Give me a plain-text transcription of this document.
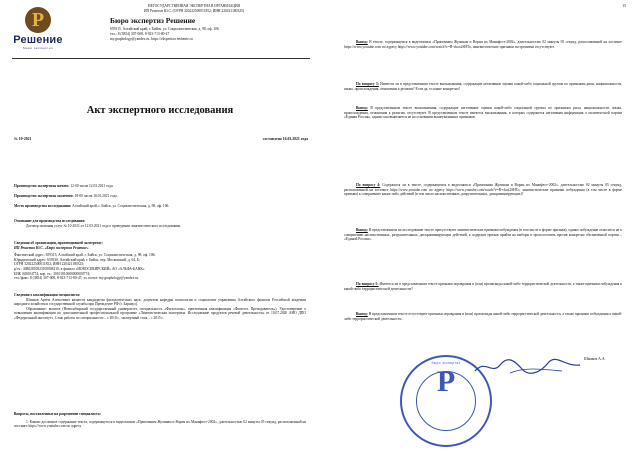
Р
Решение
бюро экспертиз
НЕГОСУДАРСТВЕННАЯ ЭКСПЕРТНАЯ ОРГАНИЗАЦИЯ
ИП Решетов Ю.С. (ОГРН 320222500011852; ИНН 220421180325)
Бюро экспертиз Решение
659315, Алтайский край, г. Бийск, ул. Социалистическая, д. 98, оф. 106
тел.: 8 (3854) 307-008, 8-923-713-80-47
my.graphology@yandex.ru, https://ekspertiza-reshenie.ru
Акт экспертного исследования
№ 10-2021	составлено 16.03.2021 года
Производство экспертизы начато: 12-00 часов 12.03.2021 года.
Производство экспертизы окончено: 18-00 часов 16.03.2021 года.
Место производства исследования: Алтайский край, г. Бийск, ул. Социалистическая, д. 98, оф. 106.
Основание для производства исследования:
Договор оказания услуг № 10-2021 от 12.03.2021 года о проведении лингвистического исследования.
Сведения об организации, производившей экспертизу:
ИП Решетов Ю.С. «Бюро экспертиз Решение»
Фактический адрес: 659315, Алтайский край, г. Бийск, ул. Социалистическая, д. 98, оф. 106;
Юридический адрес: 659330, Алтайский край, г. Бийск, пер. Московский, д. 64, Б;
ОГРН 320222500011852; ИНН 220421180325;
р/сч.: 40802810823100008210, в филиал «НОВОСИБИРСКИЙ» АО «АЛЬФА-БАНК»
БИК 045004774; кор. сч.: 30101810600000000774;
тел./факс: 8 (3854) 307-008, 8-923-713-80-47; эл. почта: my.graphology@yandex.ru.
Сведения о квалификации специалиста:
Шмаков Артем Алексеевич является кандидатом филологических наук, доцентом кафедры психологии и социологии управления Алтайского филиала Российской академии народного хозяйства и государственной службы при Президенте РФ (г. Барнаул).
Образование: высшее (Новосибирский государственный университет, специальность «Филология», присвоенная квалификация «Филолог. Преподаватель»). Удостоверение о повышении квалификации по дополнительной профессиональной программе «Лингвистическая экспертиза. Исследование продуктов речевой деятельности» от 10.07.2020 АНО ДПО «Федеральный институт». Стаж работы по специальности – с 2010 г., экспертный стаж – с 2015 г.
Вопросы, поставленные на разрешение специалиста:
1. Каково дословное содержание текста, содержащегося в видеозаписи «Припомним Жулинам и Ворам их Манифест-2002», длительностью 02 минуты 05 секунд, расположенной на хостинге https://www.youtube.com по адресу
15
Вывод: В тексте, содержащемся в видеозаписи «Припомним Жулинам и Ворам их Манифест-2002», длительностью 02 минуты 05 секунд, расположенной на хостинге https://www.youtube.com по адресу https://www.youtube.com/watch?v=B-vkox2SHTo, лингвистические признаки экстремизма отсутствуют.
По вопросу 3: Имеются ли в представленном тексте высказывания, содержащие негативные оценки какой-либо социальной группы по признакам расы, национальности, языка, происхождения, отношения к религии? Если да, то какие конкретно?
Вывод: В представленном тексте высказывания, содержащие негативные оценки какой-либо социальной группы по признакам расы, национальности, языка, происхождения, отношения к религии, отсутствуют. В представленном тексте имеются высказывания, в которых содержится негативная информация о политической партии «Единая Россия», однако она выявляется не на основании вышеуказанных признаков.
По вопросу 4: Содержатся ли в тексте, содержащемся в видеозаписи «Припомним Жулинам и Ворам их Манифест-2002», длительностью 02 минуты 05 секунд, расположенной на хостинге https://www.youtube.com по адресу https://www.youtube.com/watch?v=B-vkox2SHTo, лингвистические признаки побуждения (в том числе в форме призыва) к совершению каких-либо действий (в том числе насильственных, разрушительных, дискриминирующих)?
Вывод: В представленном на исследование тексте присутствуют лингвистические признаки побуждения (в том числе в форме призыва), однако побуждение относится не к совершению насильственных, разрушительных, дискриминирующих действий, а содержит призыв прийти на выборы и проголосовать против конкретно обозначенной партии – «Единой России».
По вопросу 5: Имеются ли в представленном тексте признаки оправдания и (или) пропаганды какой-либо террористической деятельности, а также признаки побуждения к какой-либо террористической деятельности?
Вывод: В представленном тексте отсутствуют признаки оправдания и (или) пропаганды какой-либо террористической деятельности, а также признаки побуждения к какой-либо террористической деятельности.
бюро экспертиз
Р
Шмаков А.А.
